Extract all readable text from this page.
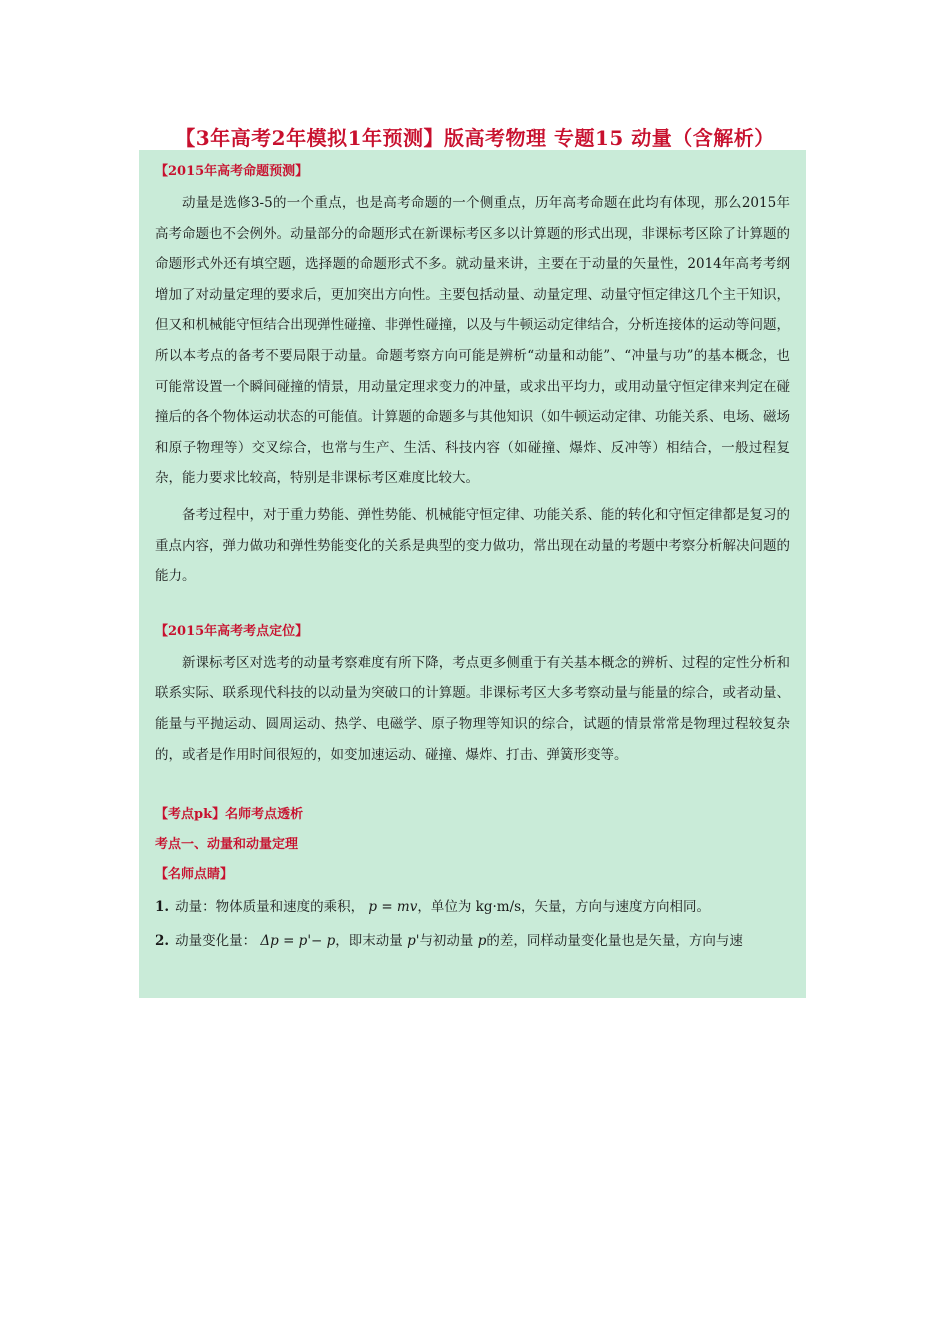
【3年高考2年模拟1年预测】版高考物理 专题15 动量（含解析）
【2015年高考命题预测】

动量是选修3-5的一个重点，也是高考命题的一个侧重点，历年高考命题在此均有体现，那么2015年高考命题也不会例外。动量部分的命题形式在新课标考区多以计算题的形式出现，非课标考区除了计算题的命题形式外还有填空题，选择题的命题形式不多。就动量来讲，主要在于动量的矢量性，2014年高考考纲增加了对动量定理的要求后，更加突出方向性。主要包括动量、动量定理、动量守恒定律这几个主干知识，但又和机械能守恒结合出现弹性碰撞、非弹性碰撞，以及与牛顿运动定律结合，分析连接体的运动等问题，所以本考点的备考不要局限于动量。命题考察方向可能是辨析“动量和动能”、“冲量与功”的基本概念，也可能常设置一个瞬间碰撞的情景，用动量定理求变力的冲量，或求出平均力，或用动量守恒定律来判定在碰撞后的各个物体运动状态的可能值。计算题的命题多与其他知识（如牛顿运动定律、功能关系、电场、磁场和原子物理等）交叉综合，也常与生产、生活、科技内容（如碰撞、爆炸、反冲等）相结合，一般过程复杂，能力要求比较高，特别是非课标考区难度比较大。

备考过程中，对于重力势能、弹性势能、机械能守恒定律、功能关系、能的转化和守恒定律都是复习的重点内容，弹力做功和弹性势能变化的关系是典型的变力做功，常出现在动量的考题中考察分析解决问题的能力。

【2015年高考考点定位】

新课标考区对选考的动量考察难度有所下降，考点更多侧重于有关基本概念的辨析、过程的定性分析和联系实际、联系现代科技的以动量为突破口的计算题。非课标考区大多考察动量与能量的综合，或者动量、能量与平抛运动、圆周运动、热学、电磁学、原子物理等知识的综合，试题的情景常常是物理过程较复杂的，或者是作用时间很短的，如变加速运动、碰撞、爆炸、打击、弹簧形变等。

【考点pk】名师考点透析
考点一、动量和动量定理
【名师点睛】
1. 动量：物体质量和速度的乘积， p = mv，单位为 kg·m/s，矢量，方向与速度方向相同。
2. 动量变化量： Δp = p'− p，即末动量 p'与初动量 p的差，同样动量变化量也是矢量，方向与速
